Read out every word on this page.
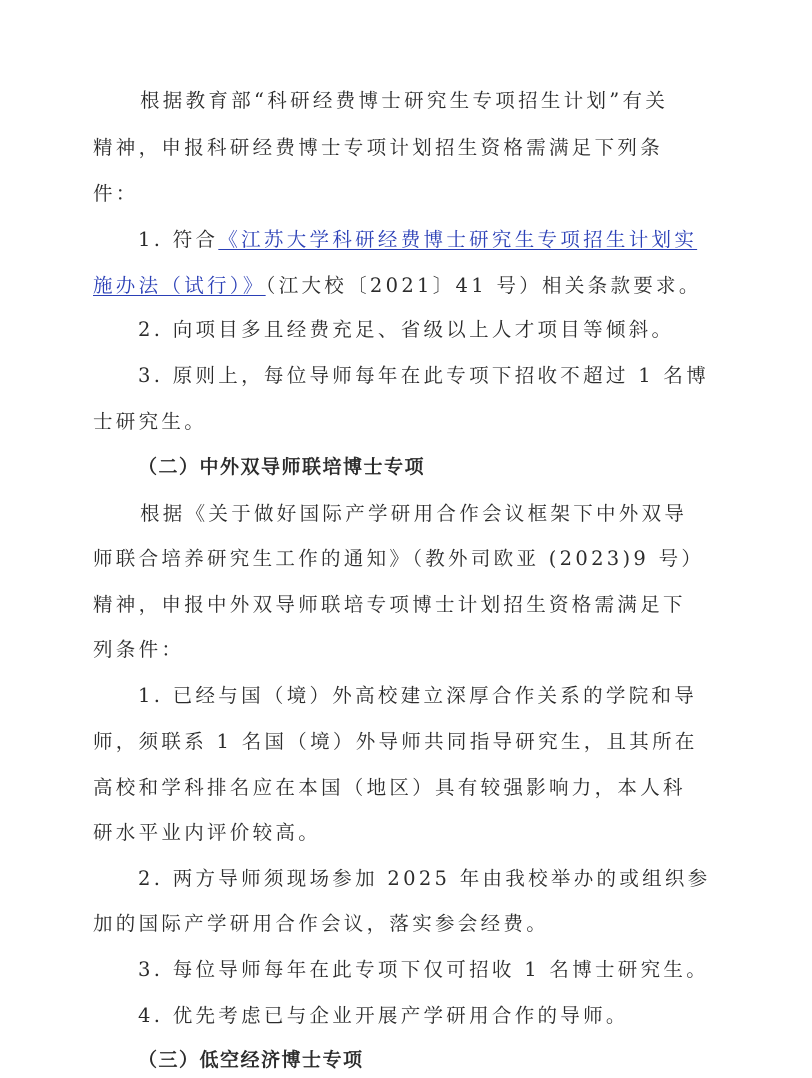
根据教育部“科研经费博士研究生专项招生计划”有关
精神，申报科研经费博士专项计划招生资格需满足下列条
件：
1. 符合《江苏大学科研经费博士研究生专项招生计划实
施办法（试行）》（江大校〔2021〕41 号）相关条款要求。
2. 向项目多且经费充足、省级以上人才项目等倾斜。
3. 原则上，每位导师每年在此专项下招收不超过 1 名博
士研究生。
（二）中外双导师联培博士专项
根据《关于做好国际产学研用合作会议框架下中外双导
师联合培养研究生工作的通知》（教外司欧亚 (2023)9 号）
精神，申报中外双导师联培专项博士计划招生资格需满足下
列条件：
1. 已经与国（境）外高校建立深厚合作关系的学院和导
师，须联系 1 名国（境）外导师共同指导研究生，且其所在
高校和学科排名应在本国（地区）具有较强影响力，本人科
研水平业内评价较高。
2. 两方导师须现场参加 2025 年由我校举办的或组织参
加的国际产学研用合作会议，落实参会经费。
3. 每位导师每年在此专项下仅可招收 1 名博士研究生。
4. 优先考虑已与企业开展产学研用合作的导师。
（三）低空经济博士专项
